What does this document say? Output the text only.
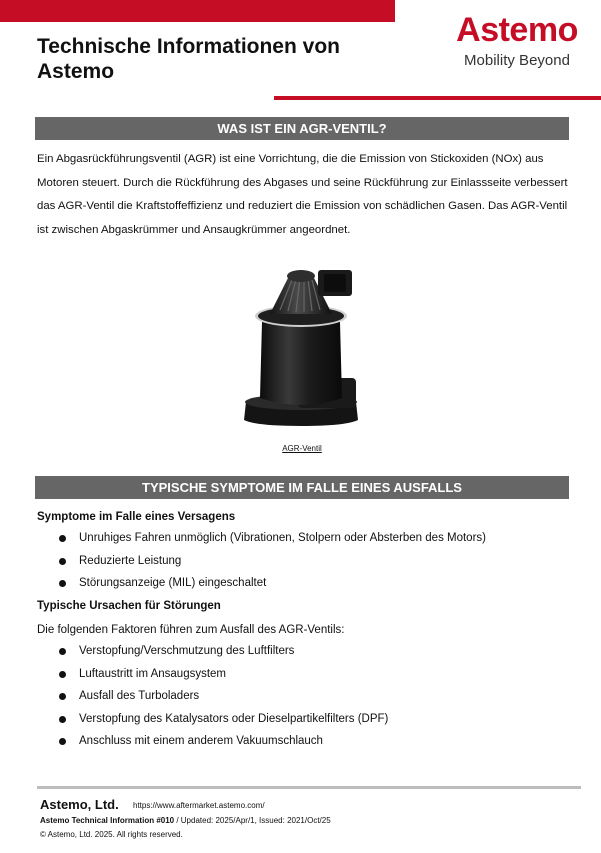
Technische Informationen von Astemo
Astemo
Mobility Beyond
WAS IST EIN AGR-VENTIL?
Ein Abgasrückführungsventil (AGR) ist eine Vorrichtung, die die Emission von Stickoxiden (NOx) aus Motoren steuert. Durch die Rückführung des Abgases und seine Rückführung zur Einlassseite verbessert das AGR-Ventil die Kraftstoffeffizienz und reduziert die Emission von schädlichen Gasen. Das AGR-Ventil ist zwischen Abgaskrümmer und Ansaugkrümmer angeordnet.
AGR-Ventil
TYPISCHE SYMPTOME IM FALLE EINES AUSFALLS
Symptome im Falle eines Versagens
Unruhiges Fahren unmöglich (Vibrationen, Stolpern oder Absterben des Motors)
Reduzierte Leistung
Störungsanzeige (MIL) eingeschaltet
Typische Ursachen für Störungen
Die folgenden Faktoren führen zum Ausfall des AGR-Ventils:
Verstopfung/Verschmutzung des Luftfilters
Luftaustritt im Ansaugsystem
Ausfall des Turboladers
Verstopfung des Katalysators oder Dieselpartikelfilters (DPF)
Anschluss mit einem anderem Vakuumschlauch
Astemo, Ltd. https://www.aftermarket.astemo.com/
Astemo Technical Information #010 / Updated: 2025/Apr/1, Issued: 2021/Oct/25
© Astemo, Ltd. 2025. All rights reserved.
